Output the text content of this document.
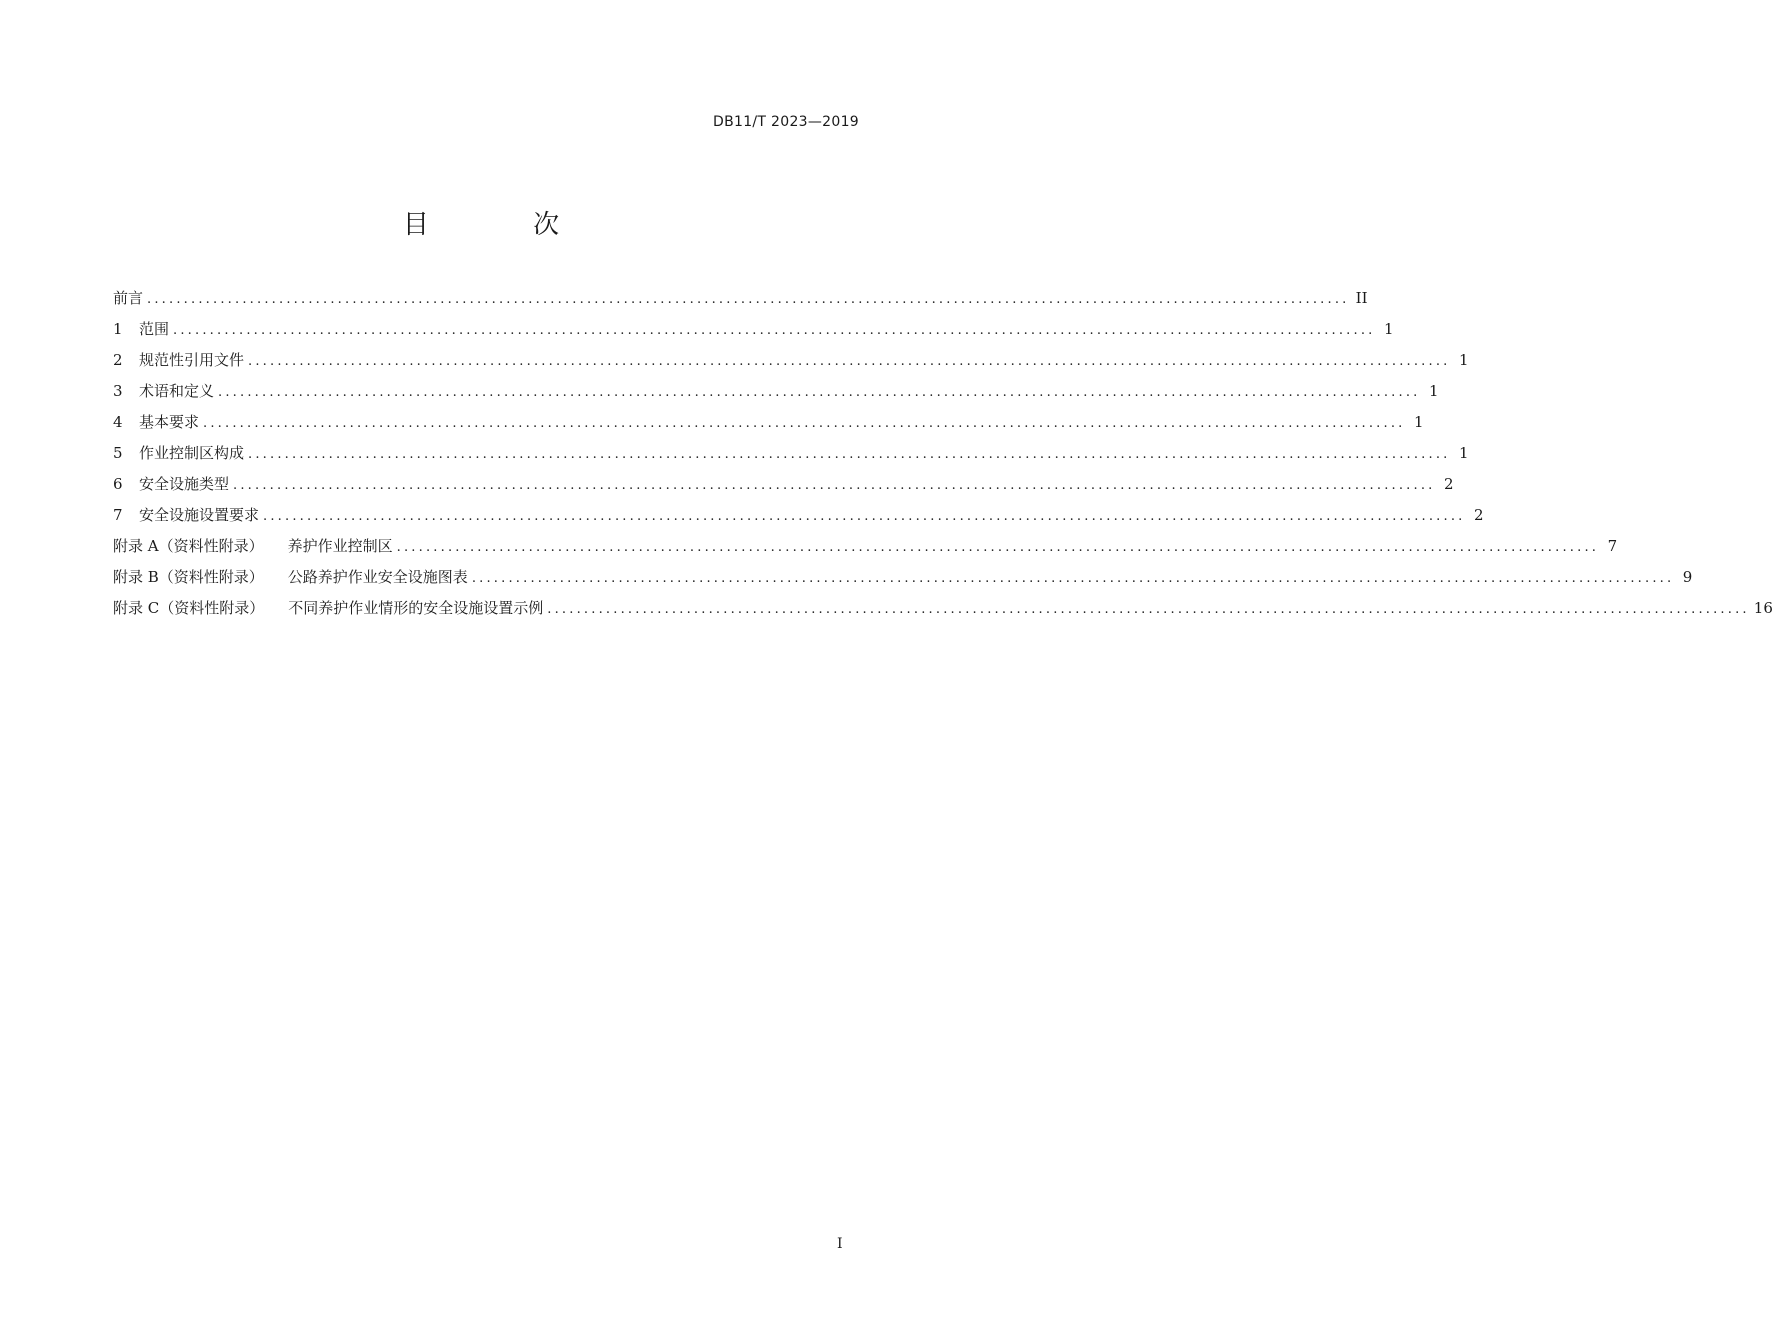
DB11/T 2023—2019
目 次
前言 .................................................................................................................................................................... II
1 范围 .................................................................................................................................................................... 1
2 规范性引用文件 .................................................................................................................................................................... 1
3 术语和定义 .................................................................................................................................................................... 1
4 基本要求 .................................................................................................................................................................... 1
5 作业控制区构成 .................................................................................................................................................................... 1
6 安全设施类型 .................................................................................................................................................................... 2
7 安全设施设置要求 .................................................................................................................................................................... 2
附录 A（资料性附录） 养护作业控制区 .................................................................................................................................................................... 7
附录 B（资料性附录） 公路养护作业安全设施图表 .................................................................................................................................................................... 9
附录 C（资料性附录） 不同养护作业情形的安全设施设置示例 .................................................................................................................................................................... 16
I
